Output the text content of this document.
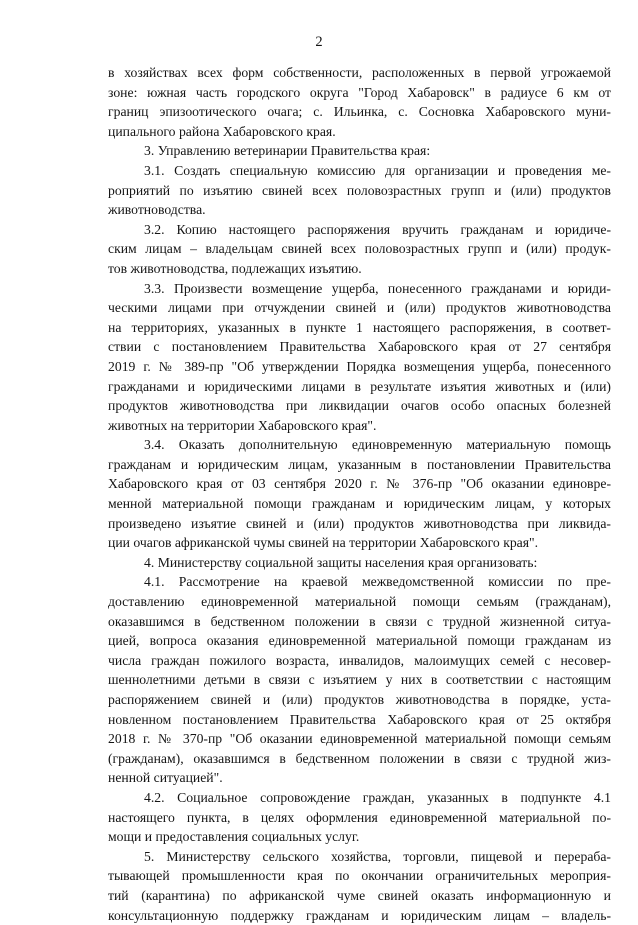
2
в хозяйствах всех форм собственности, расположенных в первой угрожаемой
зоне: южная часть городского округа "Город Хабаровск" в радиусе 6 км от
границ эпизоотического очага; с. Ильинка, с. Сосновка Хабаровского муни-
ципального района Хабаровского края.
3. Управлению ветеринарии Правительства края:
3.1. Создать специальную комиссию для организации и проведения ме-
роприятий по изъятию свиней всех половозрастных групп и (или) продуктов
животноводства.
3.2. Копию настоящего распоряжения вручить гражданам и юридиче-
ским лицам – владельцам свиней всех половозрастных групп и (или) продук-
тов животноводства, подлежащих изъятию.
3.3. Произвести возмещение ущерба, понесенного гражданами и юриди-
ческими лицами при отчуждении свиней и (или) продуктов животноводства
на территориях, указанных в пункте 1 настоящего распоряжения, в соответ-
ствии с постановлением Правительства Хабаровского края от 27 сентября
2019 г. № 389-пр "Об утверждении Порядка возмещения ущерба, понесенного
гражданами и юридическими лицами в результате изъятия животных и (или)
продуктов животноводства при ликвидации очагов особо опасных болезней
животных на территории Хабаровского края".
3.4. Оказать дополнительную единовременную материальную помощь
гражданам и юридическим лицам, указанным в постановлении Правительства
Хабаровского края от 03 сентября 2020 г. № 376-пр "Об оказании единовре-
менной материальной помощи гражданам и юридическим лицам, у которых
произведено изъятие свиней и (или) продуктов животноводства при ликвида-
ции очагов африканской чумы свиней на территории Хабаровского края".
4. Министерству социальной защиты населения края организовать:
4.1. Рассмотрение на краевой межведомственной комиссии по пре-
доставлению единовременной материальной помощи семьям (гражданам),
оказавшимся в бедственном положении в связи с трудной жизненной ситуа-
цией, вопроса оказания единовременной материальной помощи гражданам из
числа граждан пожилого возраста, инвалидов, малоимущих семей с несовер-
шеннолетними детьми в связи с изъятием у них в соответствии с настоящим
распоряжением свиней и (или) продуктов животноводства в порядке, уста-
новленном постановлением Правительства Хабаровского края от 25 октября
2018 г. № 370-пр "Об оказании единовременной материальной помощи семьям
(гражданам), оказавшимся в бедственном положении в связи с трудной жиз-
ненной ситуацией".
4.2. Социальное сопровождение граждан, указанных в подпункте 4.1
настоящего пункта, в целях оформления единовременной материальной по-
мощи и предоставления социальных услуг.
5. Министерству сельского хозяйства, торговли, пищевой и перераба-
тывающей промышленности края по окончании ограничительных мероприя-
тий (карантина) по африканской чуме свиней оказать информационную и
консультационную поддержку гражданам и юридическим лицам – владель-
